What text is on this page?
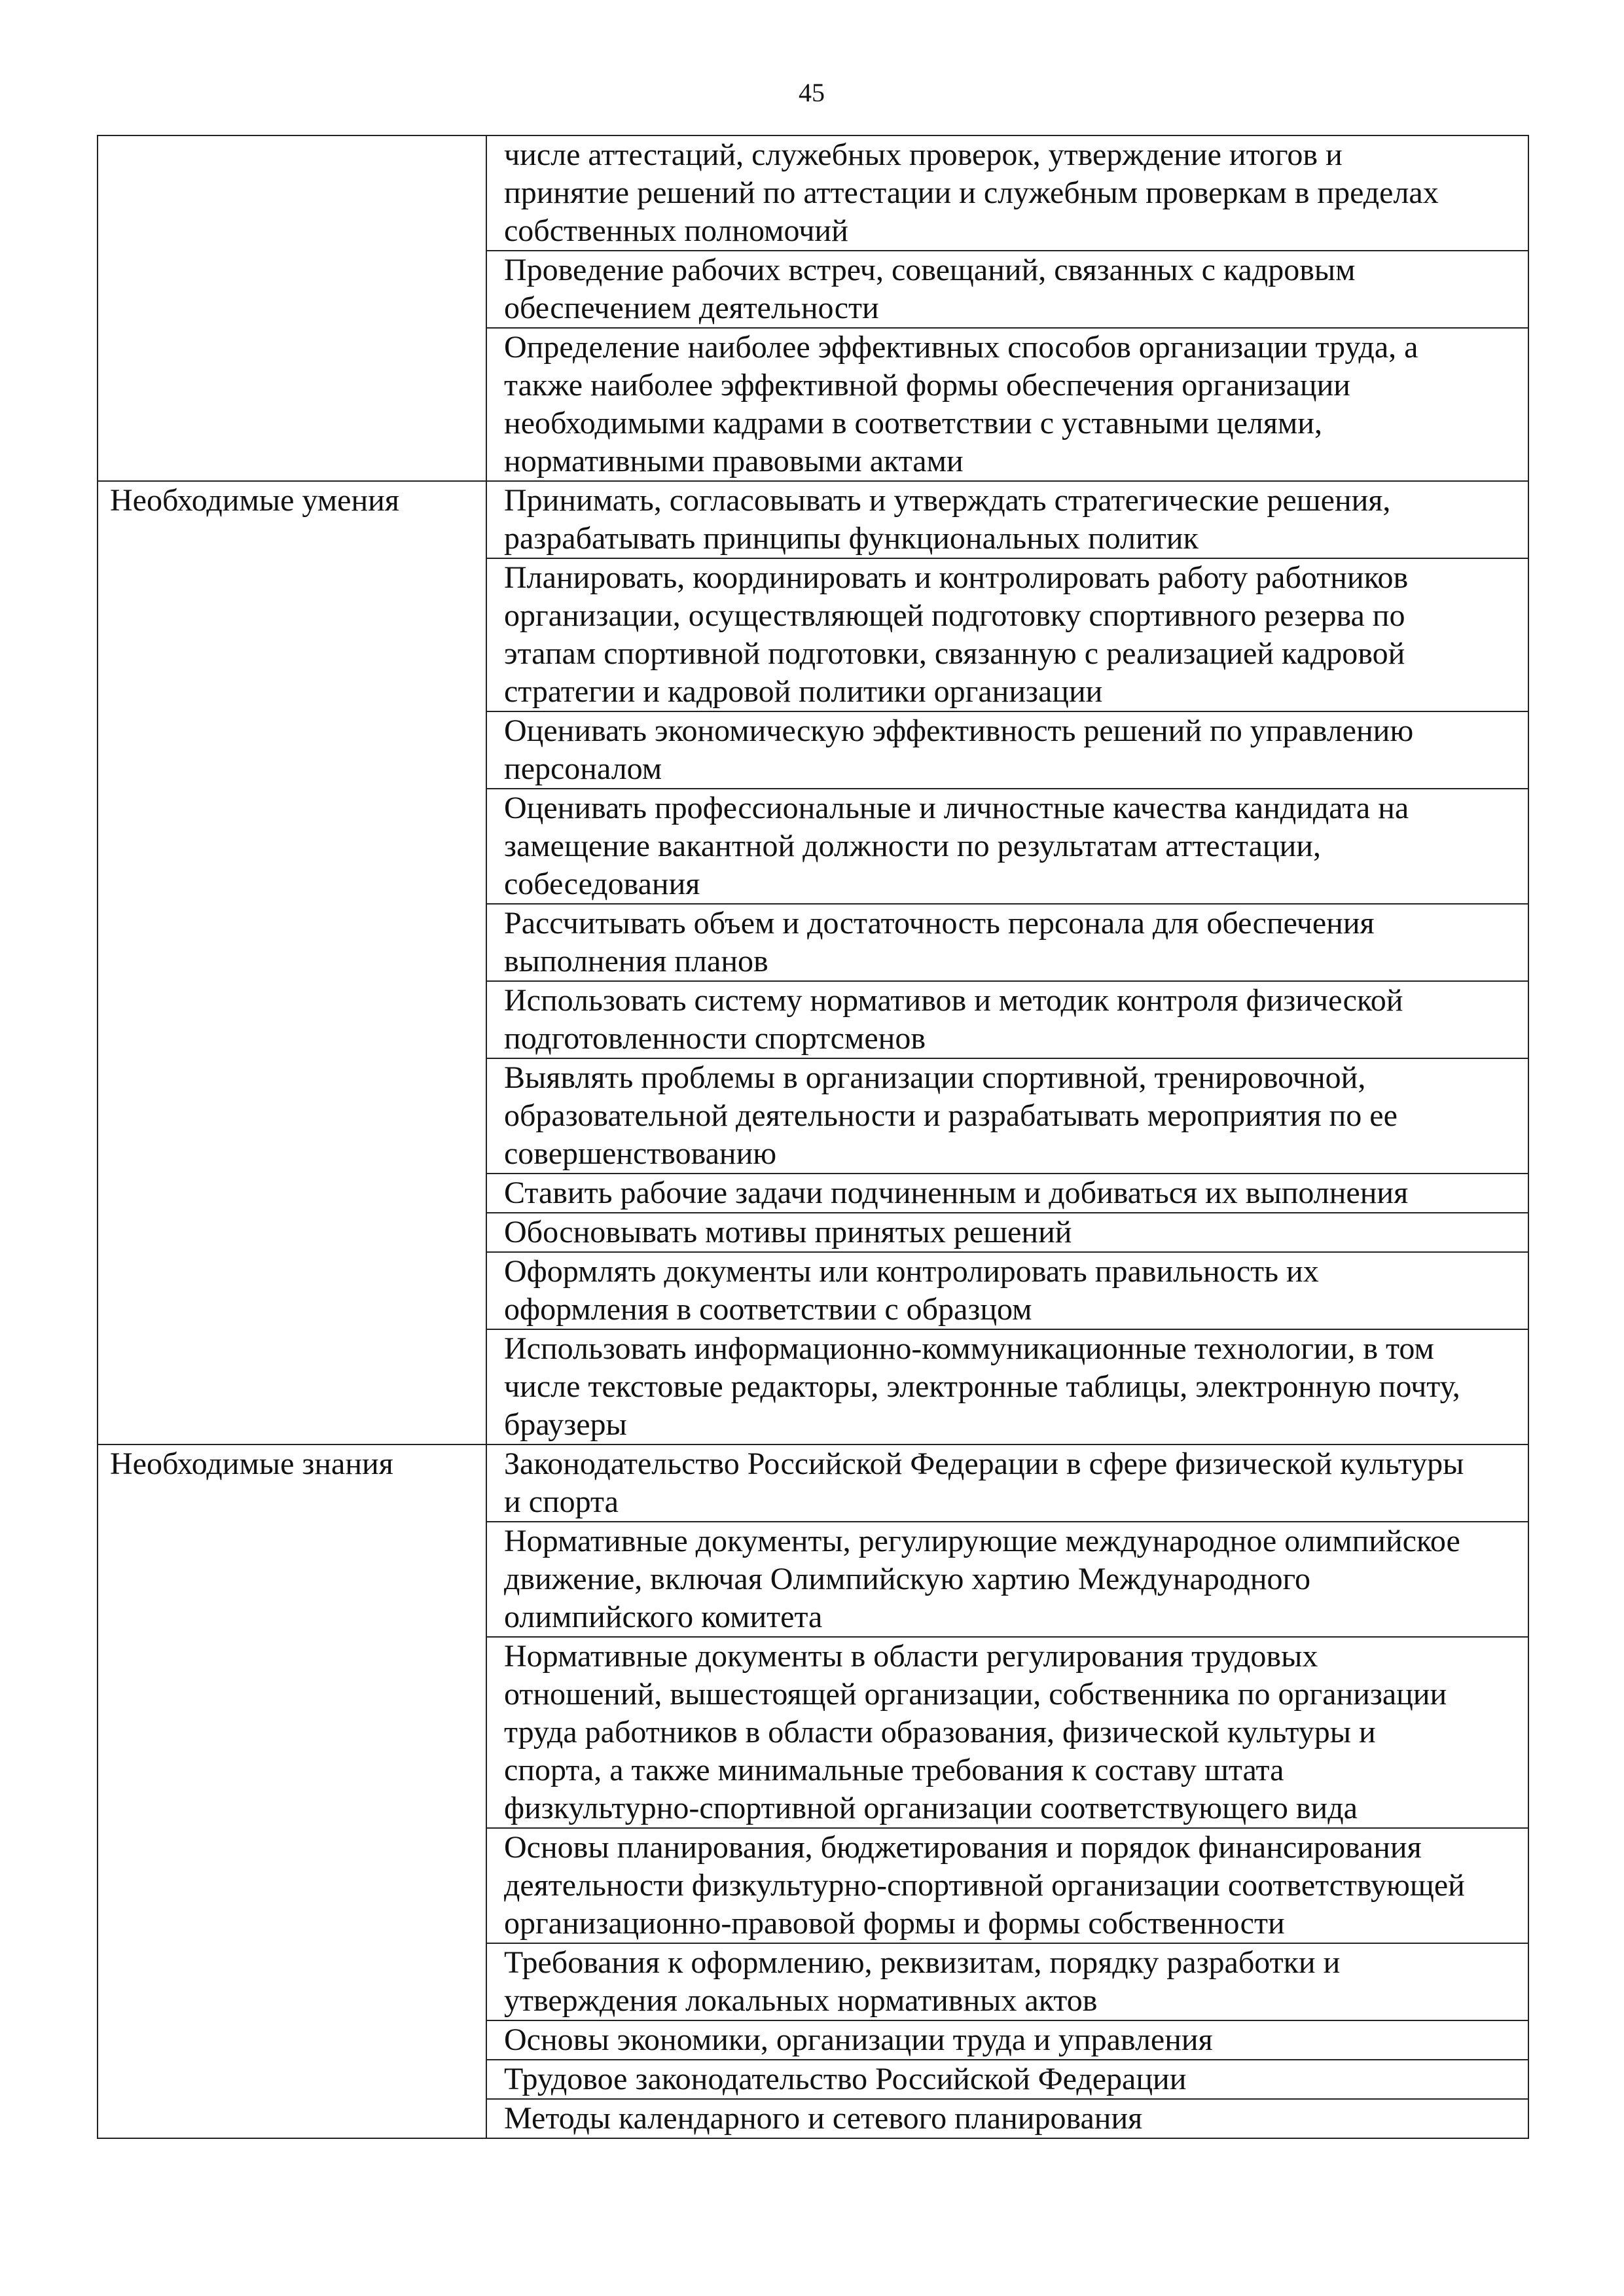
45
	числе аттестаций, служебных проверок, утверждение итогов и
принятие решений по аттестации и служебным проверкам в пределах
собственных полномочий
	Проведение рабочих встреч, совещаний, связанных с кадровым
обеспечением деятельности
	Определение наиболее эффективных способов организации труда, а
также наиболее эффективной формы обеспечения организации
необходимыми кадрами в соответствии с уставными целями,
нормативными правовыми актами
Необходимые умения	Принимать, согласовывать и утверждать стратегические решения,
разрабатывать принципы функциональных политик
	Планировать, координировать и контролировать работу работников
организации, осуществляющей подготовку спортивного резерва по
этапам спортивной подготовки, связанную с реализацией кадровой
стратегии и кадровой политики организации
	Оценивать экономическую эффективность решений по управлению
персоналом
	Оценивать профессиональные и личностные качества кандидата на
замещение вакантной должности по результатам аттестации,
собеседования
	Рассчитывать объем и достаточность персонала для обеспечения
выполнения планов
	Использовать систему нормативов и методик контроля физической
подготовленности спортсменов
	Выявлять проблемы в организации спортивной, тренировочной,
образовательной деятельности и разрабатывать мероприятия по ее
совершенствованию
	Ставить рабочие задачи подчиненным и добиваться их выполнения
	Обосновывать мотивы принятых решений
	Оформлять документы или контролировать правильность их
оформления в соответствии с образцом
	Использовать информационно-коммуникационные технологии, в том
числе текстовые редакторы, электронные таблицы, электронную почту,
браузеры
Необходимые знания	Законодательство Российской Федерации в сфере физической культуры
и спорта
	Нормативные документы, регулирующие международное олимпийское
движение, включая Олимпийскую хартию Международного
олимпийского комитета
	Нормативные документы в области регулирования трудовых
отношений, вышестоящей организации, собственника по организации
труда работников в области образования, физической культуры и
спорта, а также минимальные требования к составу штата
физкультурно-спортивной организации соответствующего вида
	Основы планирования, бюджетирования и порядок финансирования
деятельности физкультурно-спортивной организации соответствующей
организационно-правовой формы и формы собственности
	Требования к оформлению, реквизитам, порядку разработки и
утверждения локальных нормативных актов
	Основы экономики, организации труда и управления
	Трудовое законодательство Российской Федерации
	Методы календарного и сетевого планирования
